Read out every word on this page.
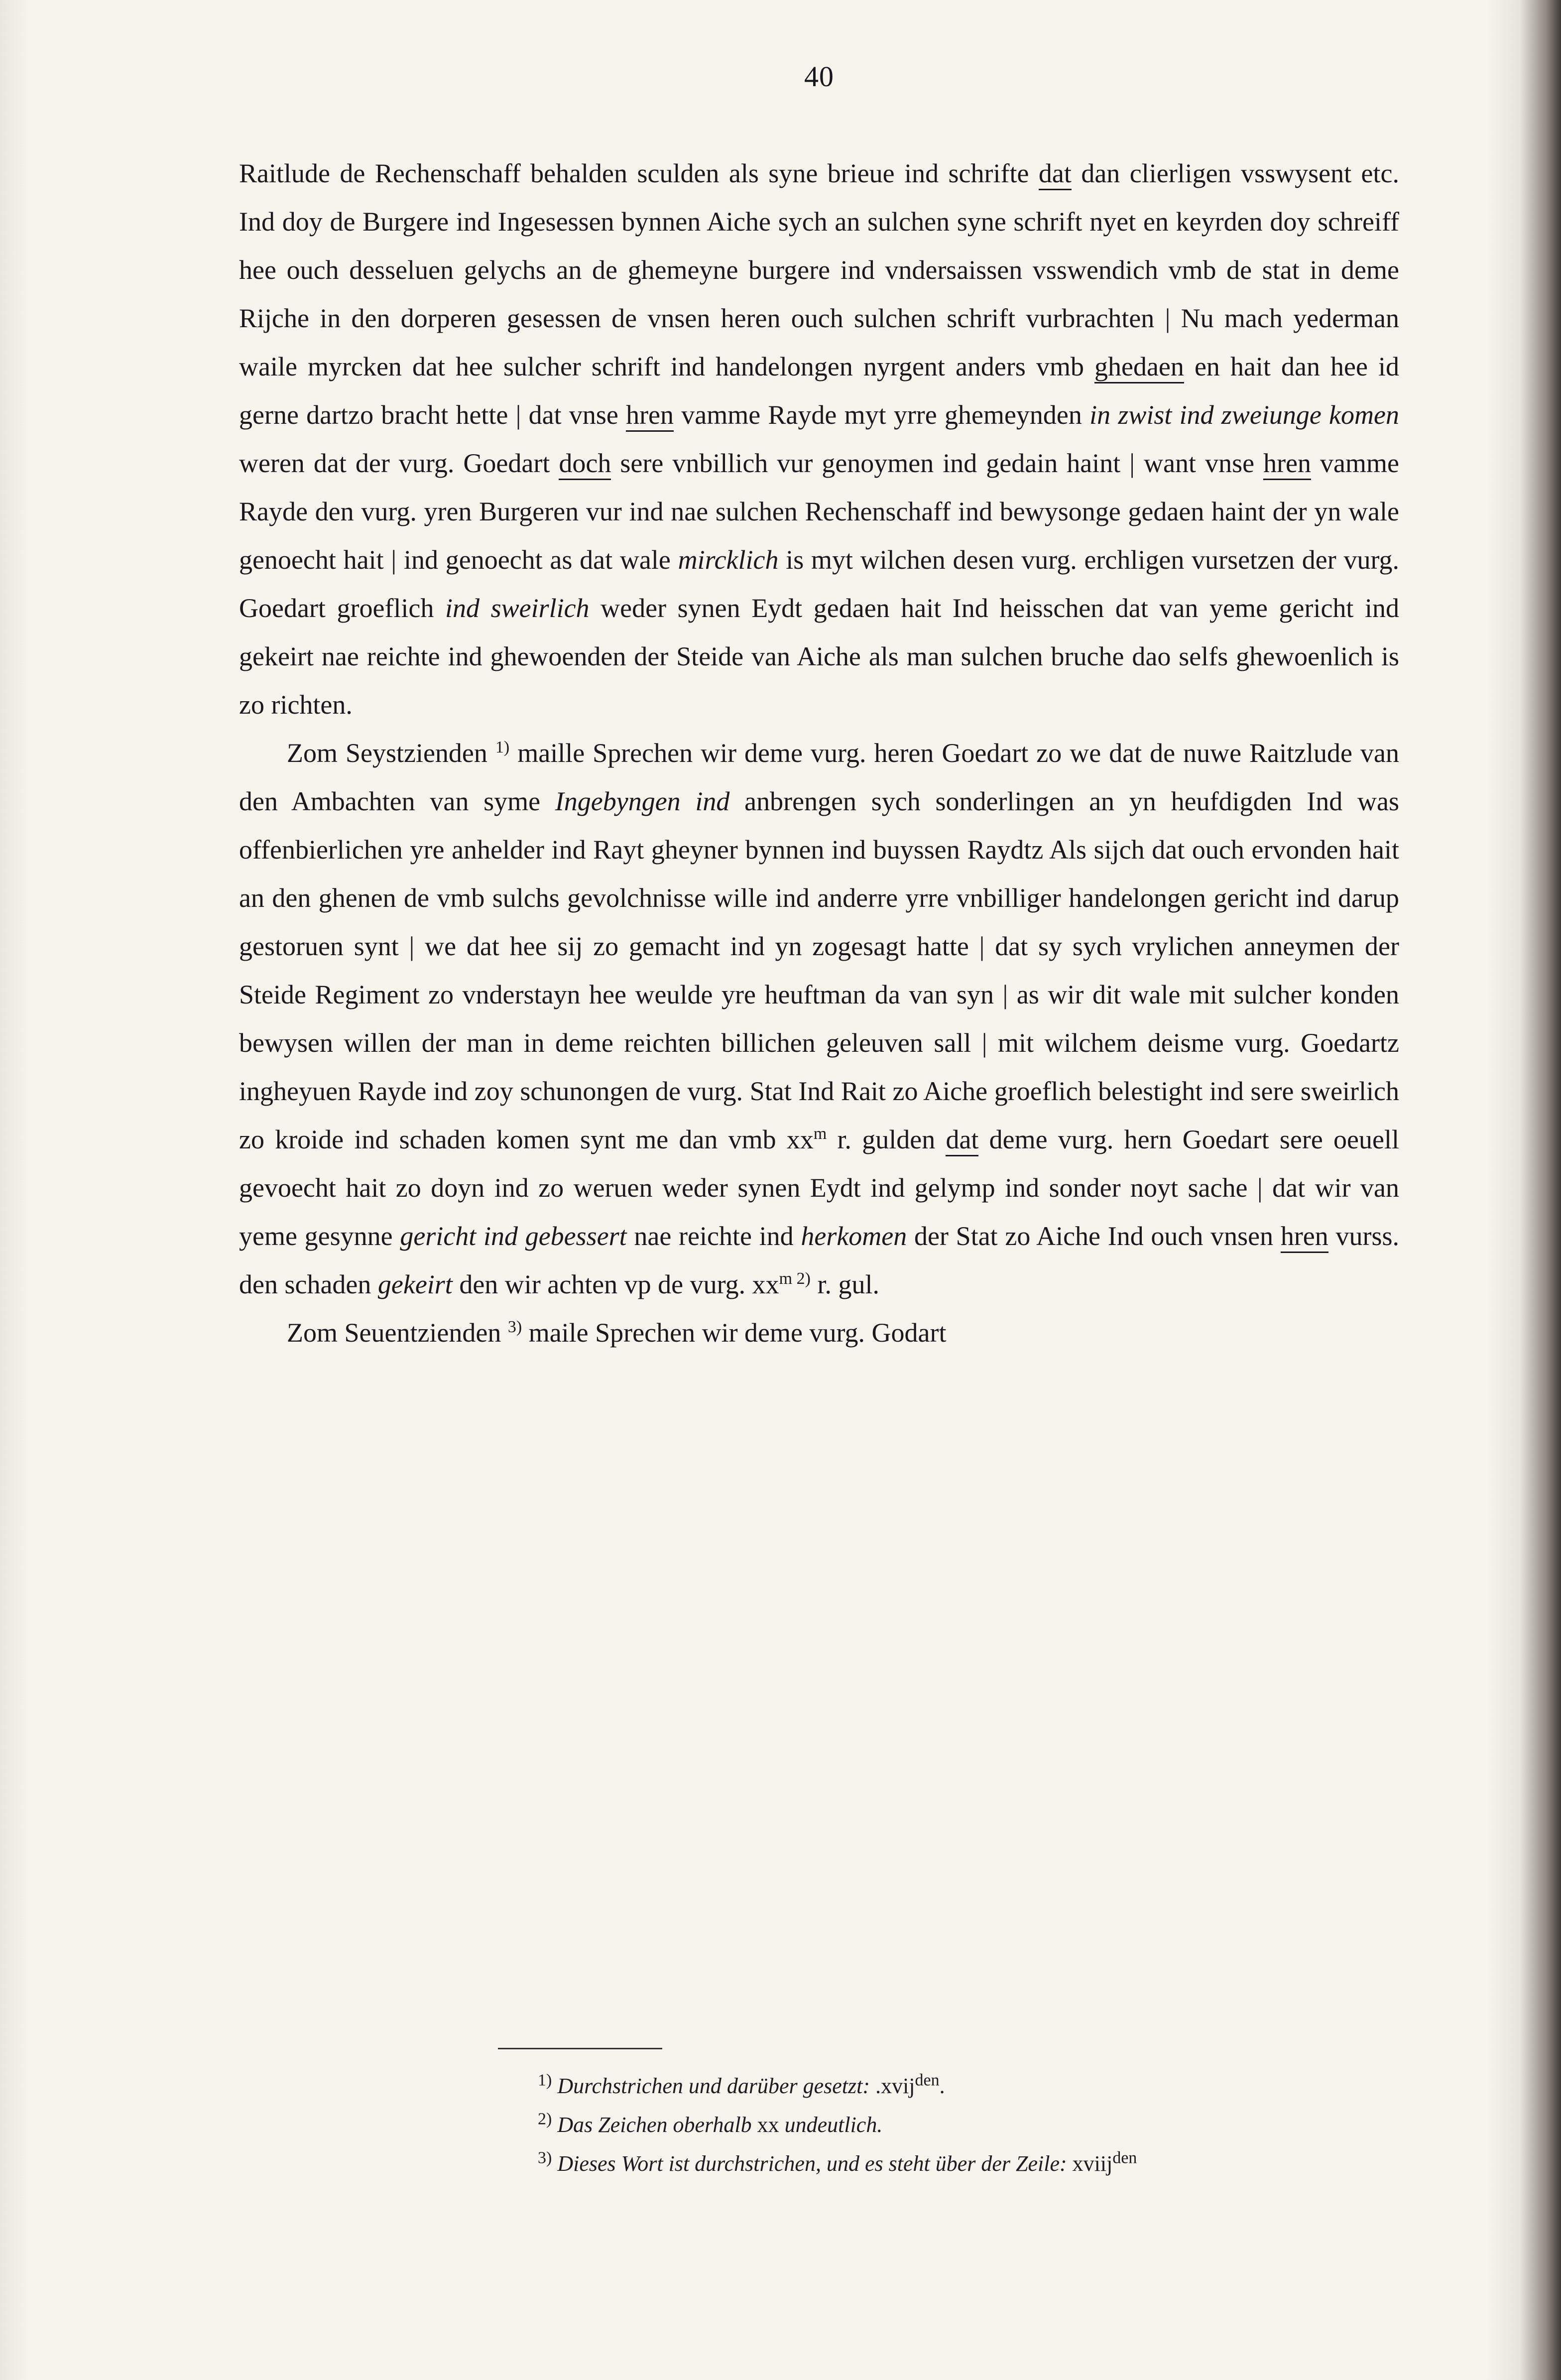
40

Raitlude de Rechenschaff behalden sculden als syne brieue ind schrifte dat dan clierligen vsswysent etc. Ind doy de Burgere ind Ingesessen bynnen Aiche sych an sulchen syne schrift nyet en keyrden doy schreiff hee ouch desseluen gelychs an de ghemeyne burgere ind vndersaissen vsswendich vmb de stat in deme Rijche in den dorperen gesessen de vnsen heren ouch sulchen schrift vurbrachten | Nu mach yederman waile myrcken dat hee sulcher schrift ind handelongen nyrgent anders vmb ghedaen en hait dan hee id gerne dartzo bracht hette | dat vnse hren vamme Rayde myt yrre ghemeynden in zwist ind zweiunge komen weren dat der vurg. Goedart doch sere vnbillich vur genoymen ind gedain haint | want vnse hren vamme Rayde den vurg. yren Burgeren vur ind nae sulchen Rechenschaff ind bewysonge gedaen haint der yn wale genoecht hait | ind genoecht as dat wale mircklich is myt wilchen desen vurg. erchligen vursetzen der vurg. Goedart groeflich ind sweirlich weder synen Eydt gedaen hait Ind heisschen dat van yeme gericht ind gekeirt nae reichte ind ghewoenden der Steide van Aiche als man sulchen bruche dao selfs ghewoenlich is zo richten.

Zom Seystzienden $^{1)}$ maille Sprechen wir deme vurg. heren Goedart zo we dat de nuwe Raitzlude van den Ambachten van syme Ingebyngen ind anbrengen sych sonderlingen an yn heufdigden Ind was offenbierlichen yre anhelder ind Rayt gheyner bynnen ind buyssen Raydtz Als sijch dat ouch ervonden hait an den ghenen de vmb sulchs gevolchnisse wille ind anderre yrre vnbilliger handelongen gericht ind darup gestoruen synt | we dat hee sij zo gemacht ind yn zogesagt hatte | dat sy sych vrylichen anneymen der Steide Regiment zo vnderstayn hee weulde yre heuftman da van syn | as wir dit wale mit sulcher konden bewysen willen der man in deme reichten billichen geleuven sall | mit wilchem deisme vurg. Goedartz ingheyuen Rayde ind zoy schunongen de vurg. Stat Ind Rait zo Aiche groeflich belestight ind sere sweirlich zo kroide ind schaden komen synt me dan vmb $xx^m$ r. gulden dat deme vurg. hern Goedart sere oeuell gevoecht hait zo doyn ind zo weruen weder synen Eydt ind gelymp ind sonder noyt sache | dat wir van yeme gesynne gericht ind gebessert nae reichte ind herkomen der Stat zo Aiche Ind ouch vnsen hren vurss. den schaden gekeirt den wir achten vp de vurg. $xx^m$ $^{2)}$ r. gul.

Zom Seuentzienden $^{3)}$ maile Sprechen wir deme vurg. Godart

$^{1)}$ Durchstrichen und darüber gesetzt: .xvij$^{den}$.

$^{2)}$ Das Zeichen oberhalb xx undeutlich.

$^{3)}$ Dieses Wort ist durchstrichen, und es steht über der Zeile: xviij$^{den}$
